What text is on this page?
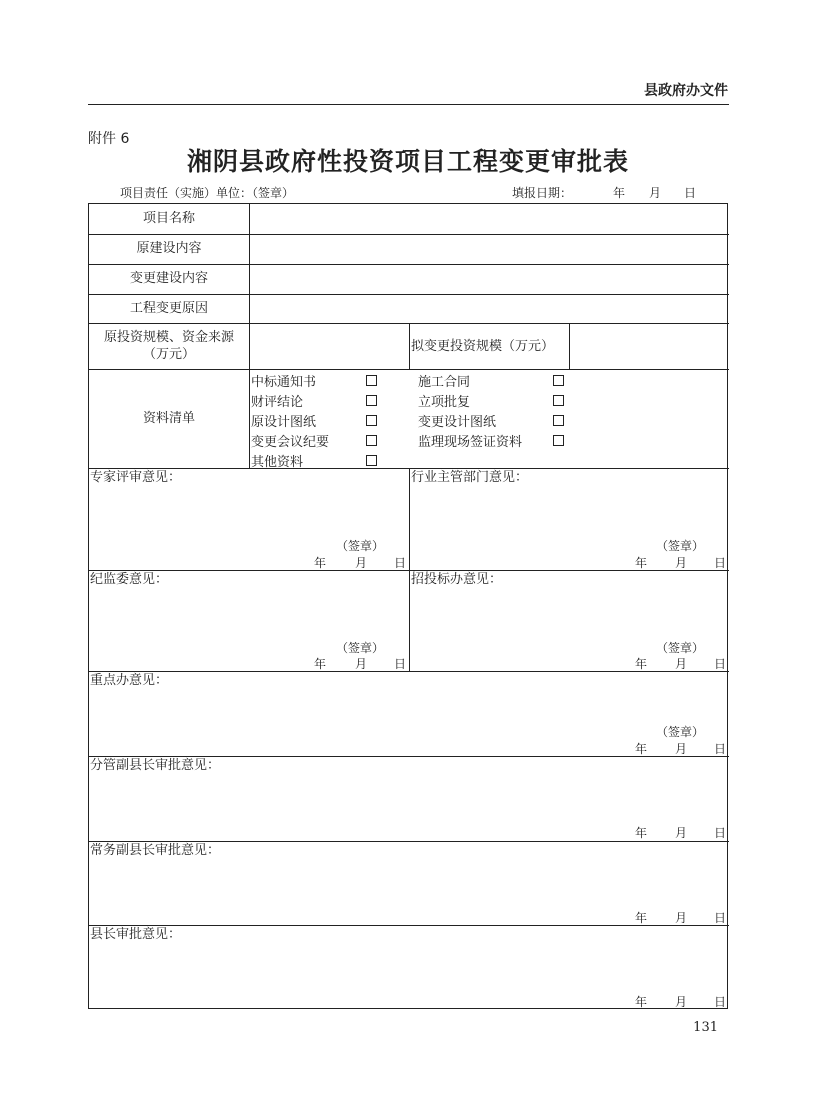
县政府办文件
附件 6
湘阴县政府性投资项目工程变更审批表
项目责任（实施）单位：（签章）	填报日期：	年 月 日
项目名称
原建设内容
变更建设内容
工程变更原因
原投资规模、资金来源
（万元）
拟变更投资规模（万元）
资料清单
中标通知书
财评结论
原设计图纸
变更会议纪要
其他资料
施工合同
立项批复
变更设计图纸
监理现场签证资料
专家评审意见：
（签章）
年 月 日
行业主管部门意见：
（签章）
年 月 日
纪监委意见：
（签章）
年 月 日
招投标办意见：
（签章）
年 月 日
重点办意见：
（签章）
年 月 日
分管副县长审批意见：
年 月 日
常务副县长审批意见：
年 月 日
县长审批意见：
年 月 日
131
